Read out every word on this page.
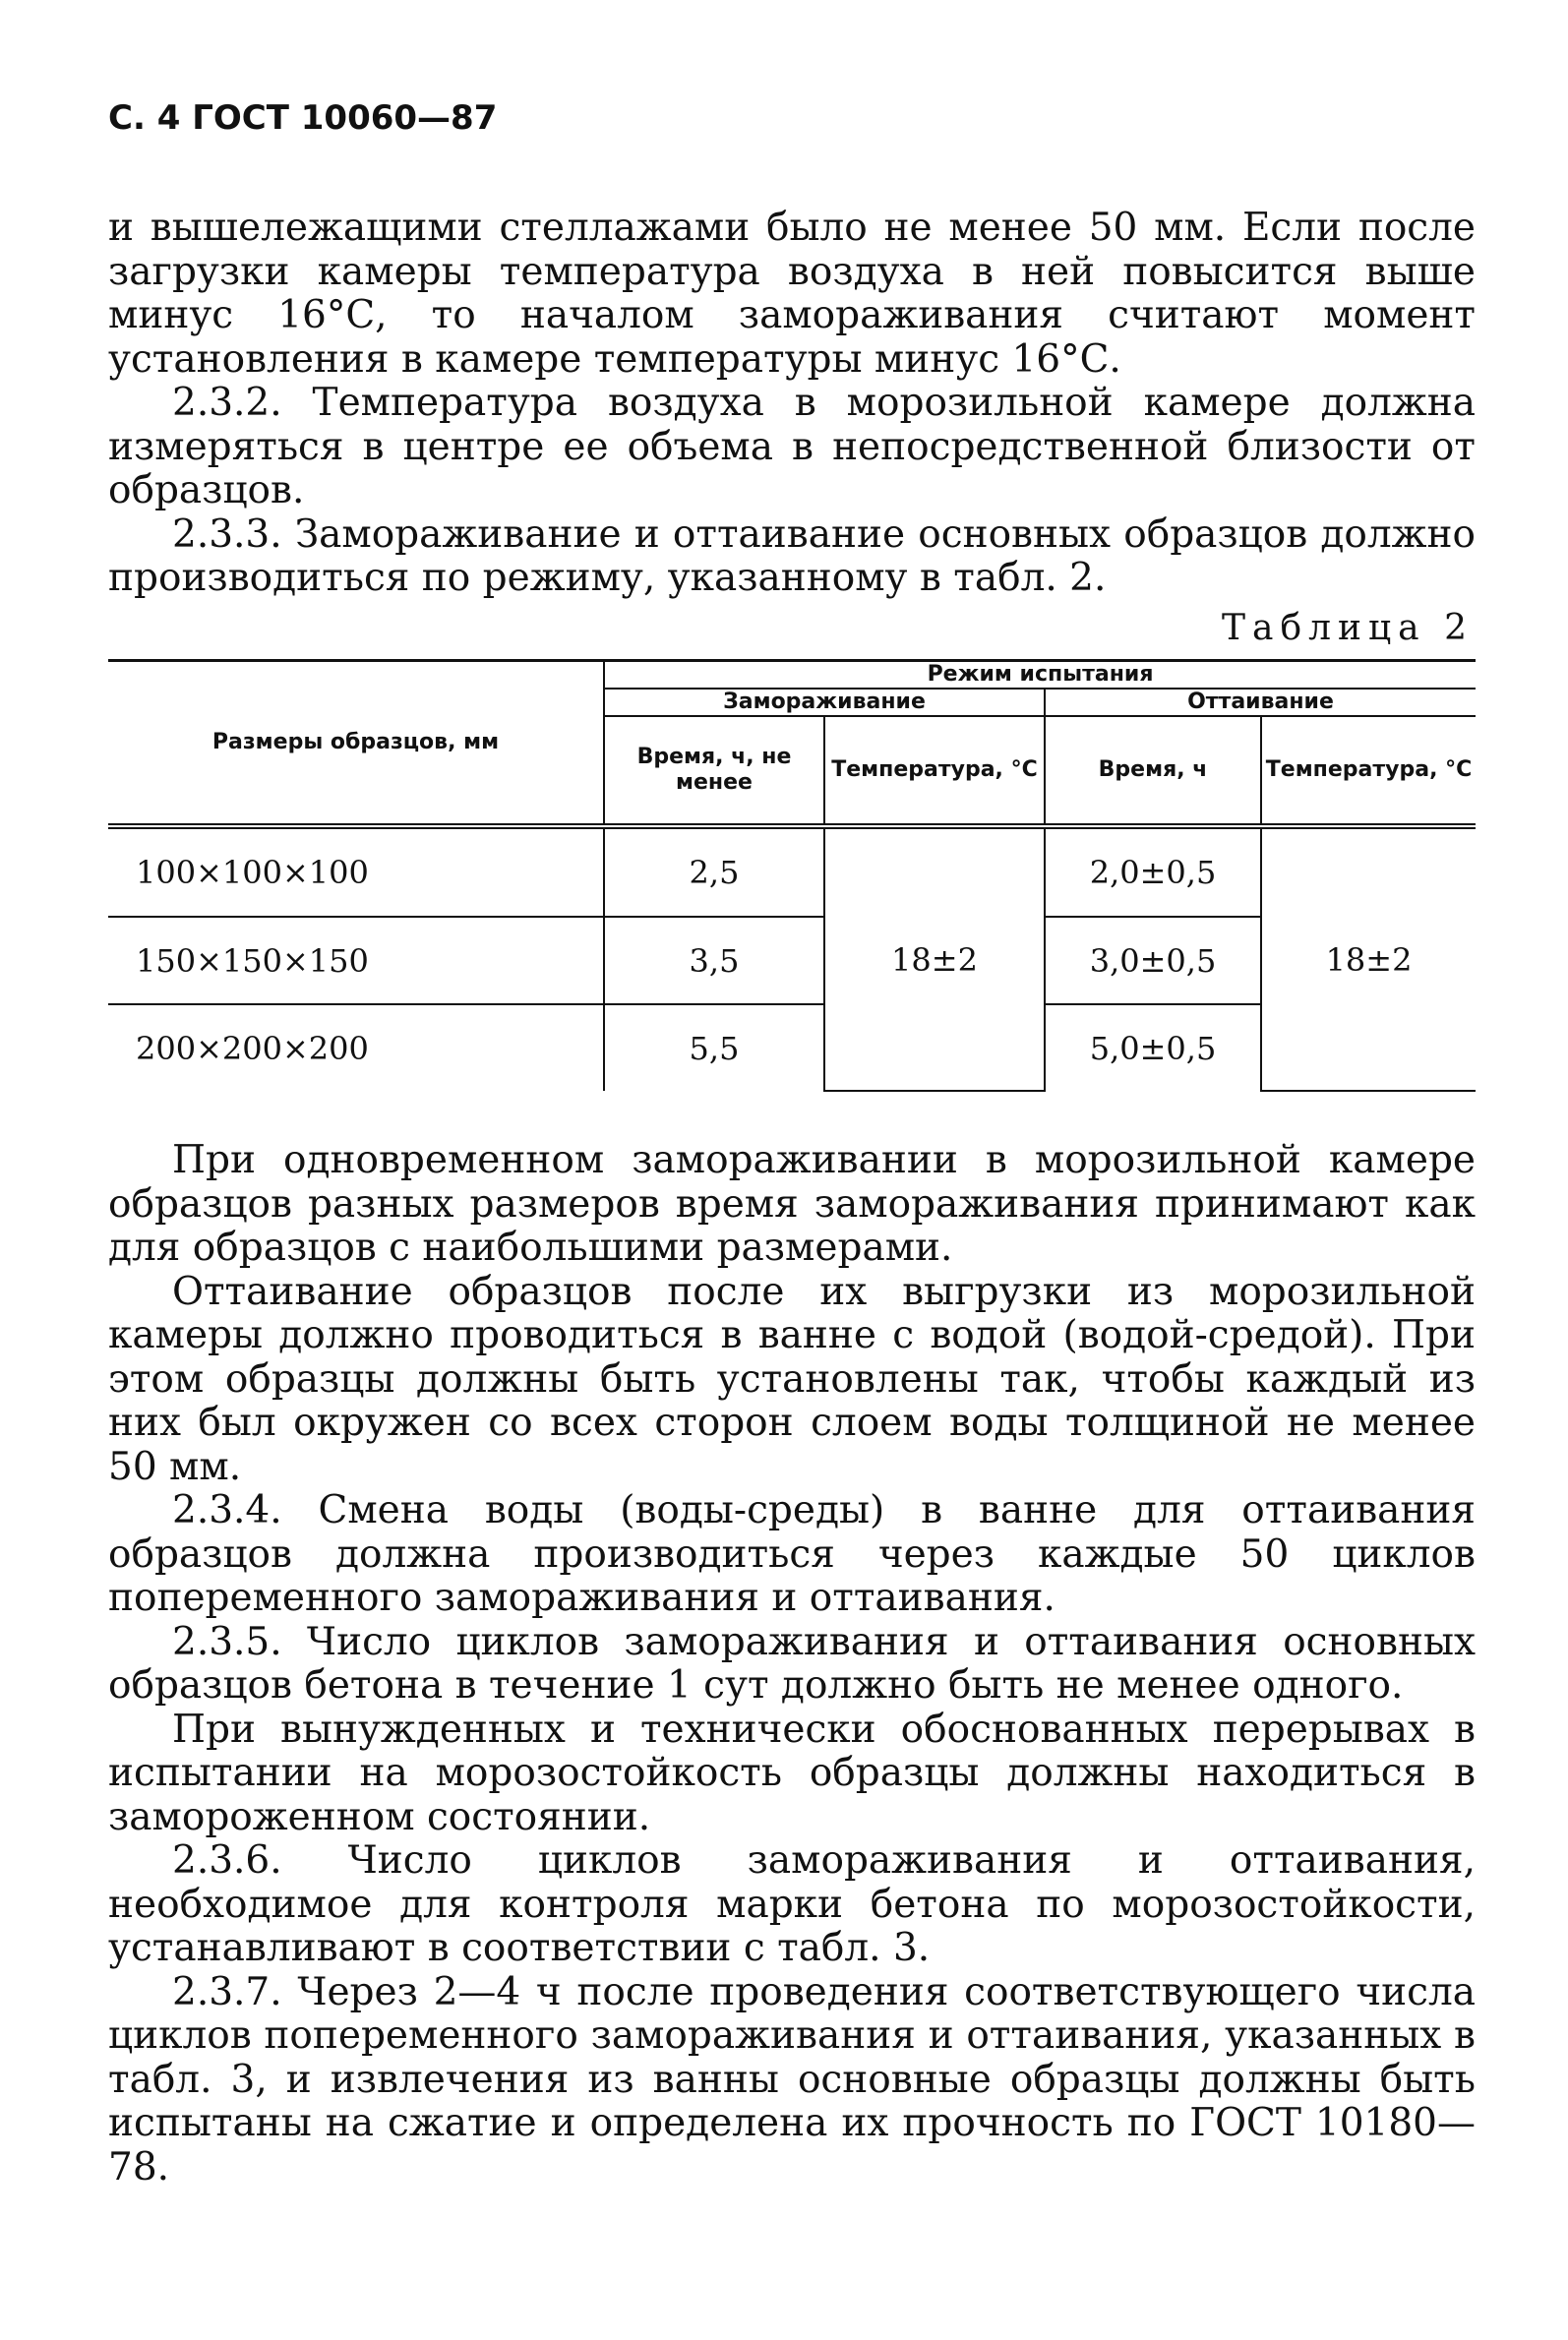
С. 4 ГОСТ 10060—87

и вышележащими стеллажами было не менее 50 мм. Если после загрузки камеры температура воздуха в ней повысится выше минус 16°С, то началом замораживания считают момент установления в камере температуры минус 16°С.

2.3.2. Температура воздуха в морозильной камере должна измеряться в центре ее объема в непосредственной близости от образцов.

2.3.3. Замораживание и оттаивание основных образцов должно производиться по режиму, указанному в табл. 2.

Таблица 2
Размеры образцов, мм	Режим испытания			
	Замораживание		Оттаивание	
	Время, ч, не менее	Температура, °С	Время, ч	Температура, °С
100×100×100	2,5	18±2	2,0±0,5	18±2
150×150×150	3,5		3,0±0,5	
200×200×200	5,5		5,0±0,5	

При одновременном замораживании в морозильной камере образцов разных размеров время замораживания принимают как для образцов с наибольшими размерами.

Оттаивание образцов после их выгрузки из морозильной камеры должно проводиться в ванне с водой (водой-средой). При этом образцы должны быть установлены так, чтобы каждый из них был окружен со всех сторон слоем воды толщиной не менее 50 мм.

2.3.4. Смена воды (воды-среды) в ванне для оттаивания образцов должна производиться через каждые 50 циклов попеременного замораживания и оттаивания.

2.3.5. Число циклов замораживания и оттаивания основных образцов бетона в течение 1 сут должно быть не менее одного.

При вынужденных и технически обоснованных перерывах в испытании на морозостойкость образцы должны находиться в замороженном состоянии.

2.3.6. Число циклов замораживания и оттаивания, необходимое для контроля марки бетона по морозостойкости, устанавливают в соответствии с табл. 3.

2.3.7. Через 2—4 ч после проведения соответствующего числа циклов попеременного замораживания и оттаивания, указанных в табл. 3, и извлечения из ванны основные образцы должны быть испытаны на сжатие и определена их прочность по ГОСТ 10180—78.
